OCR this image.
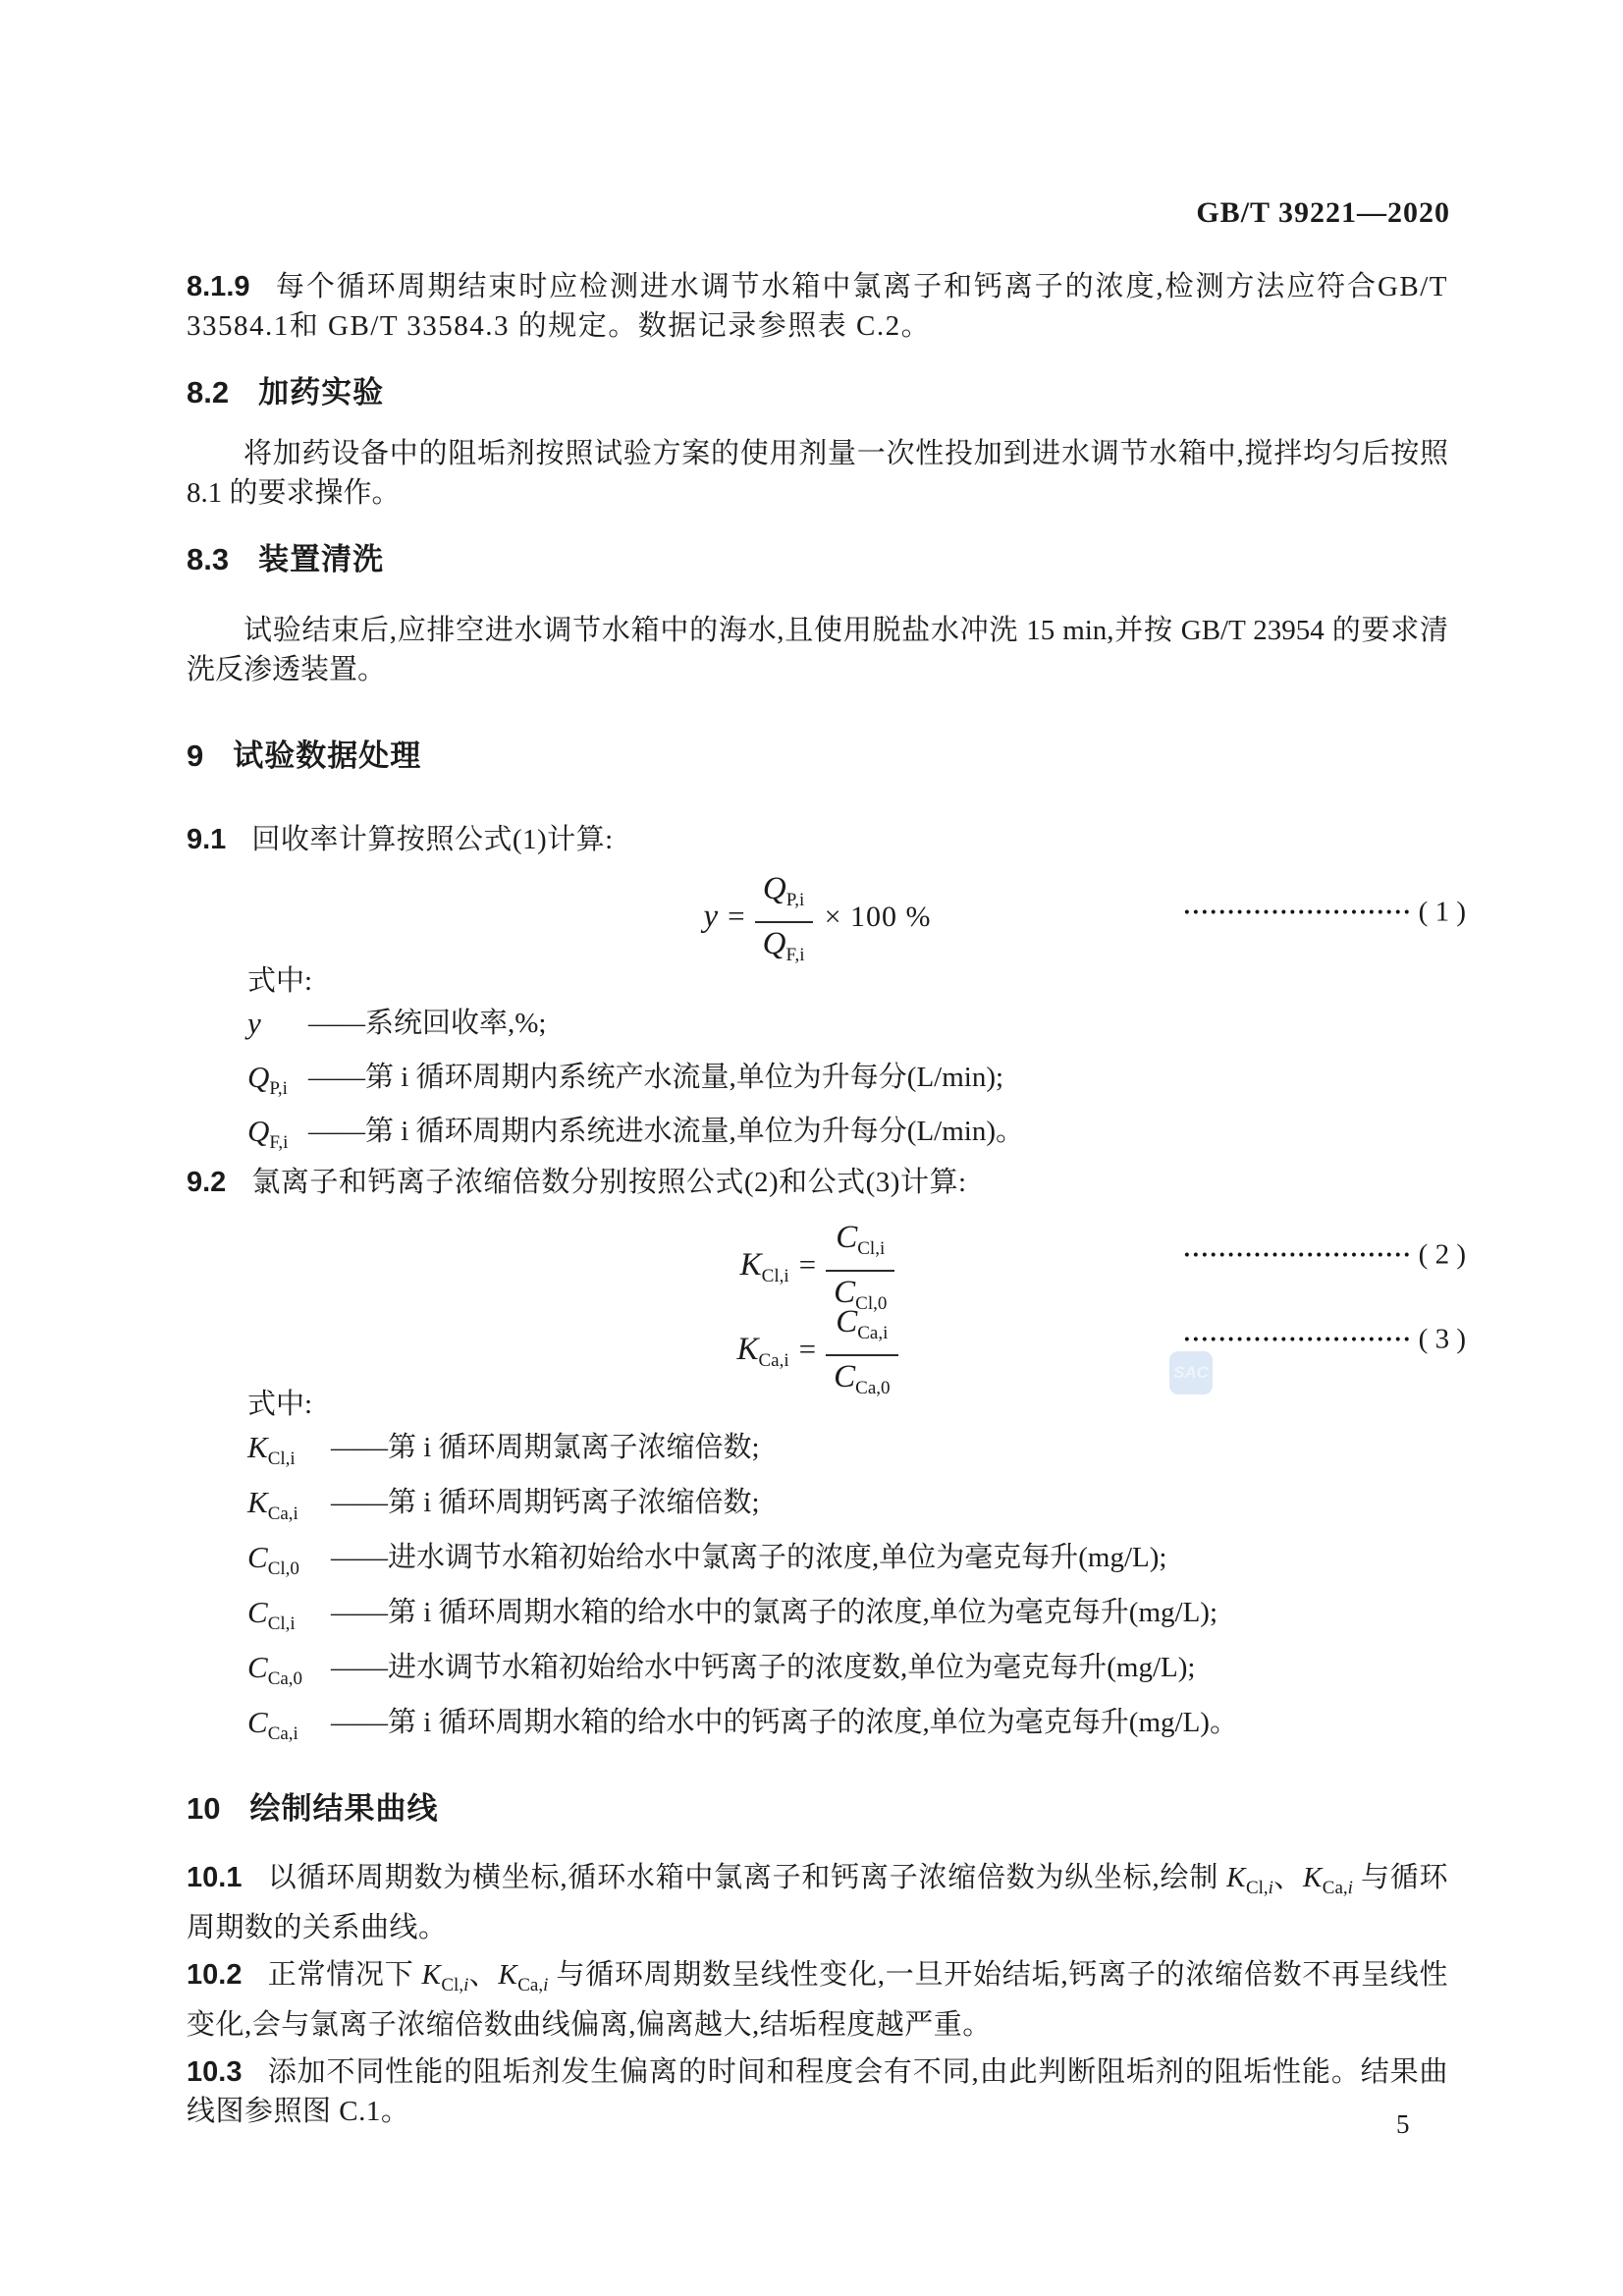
GB/T 39221—2020

8.1.9 每个循环周期结束时应检测进水调节水箱中氯离子和钙离子的浓度,检测方法应符合GB/T 33584.1和 GB/T 33584.3 的规定。数据记录参照表 C.2。

8.2 加药实验

将加药设备中的阻垢剂按照试验方案的使用剂量一次性投加到进水调节水箱中,搅拌均匀后按照8.1 的要求操作。

8.3 装置清洗

试验结束后,应排空进水调节水箱中的海水,且使用脱盐水冲洗 15 min,并按 GB/T 23954 的要求清洗反渗透装置。

9 试验数据处理

9.1 回收率计算按照公式(1)计算:

$y = \frac{Q_{P,i}}{Q_{F,i}} \times 100$ %	•••••••••••••••••••••••••• ( 1 )
式中:
y	—— 系统回收率,%;
$Q_{P,i}$ —— 第 i 循环周期内系统产水流量,单位为升每分(L/min);
$Q_{F,i}$ —— 第 i 循环周期内系统进水流量,单位为升每分(L/min)。

9.2 氯离子和钙离子浓缩倍数分别按照公式(2)和公式(3)计算:

$K_{Cl,i} = \frac{C_{Cl,i}}{C_{Cl,0}}$	•••••••••••••••••••••••••• ( 2 )
$K_{Ca,i} = \frac{C_{Ca,i}}{C_{Ca,0}}$	•••••••••••••••••••••••••• ( 3 )
式中:
$K_{Cl,i}$	—— 第 i 循环周期氯离子浓缩倍数;
$K_{Ca,i}$	—— 第 i 循环周期钙离子浓缩倍数;
$C_{Cl,0}$	—— 进水调节水箱初始给水中氯离子的浓度,单位为毫克每升(mg/L);
$C_{Cl,i}$	—— 第 i 循环周期水箱的给水中的氯离子的浓度,单位为毫克每升(mg/L);
$C_{Ca,0}$ —— 进水调节水箱初始给水中钙离子的浓度数,单位为毫克每升(mg/L);
$C_{Ca,i}$	—— 第 i 循环周期水箱的给水中的钙离子的浓度,单位为毫克每升(mg/L)。
10 绘制结果曲线

10.1 以循环周期数为横坐标,循环水箱中氯离子和钙离子浓缩倍数为纵坐标,绘制 $K_{Cl,i}$、$K_{Ca,i}$ 与循环周期数的关系曲线。

10.2 正常情况下 $K_{Cl,i}$、$K_{Ca,i}$ 与循环周期数呈线性变化,一旦开始结垢,钙离子的浓缩倍数不再呈线性变化,会与氯离子浓缩倍数曲线偏离,偏离越大,结垢程度越严重。

10.3 添加不同性能的阻垢剂发生偏离的时间和程度会有不同,由此判断阻垢剂的阻垢性能。结果曲线图参照图 C.1。

SAC
5
